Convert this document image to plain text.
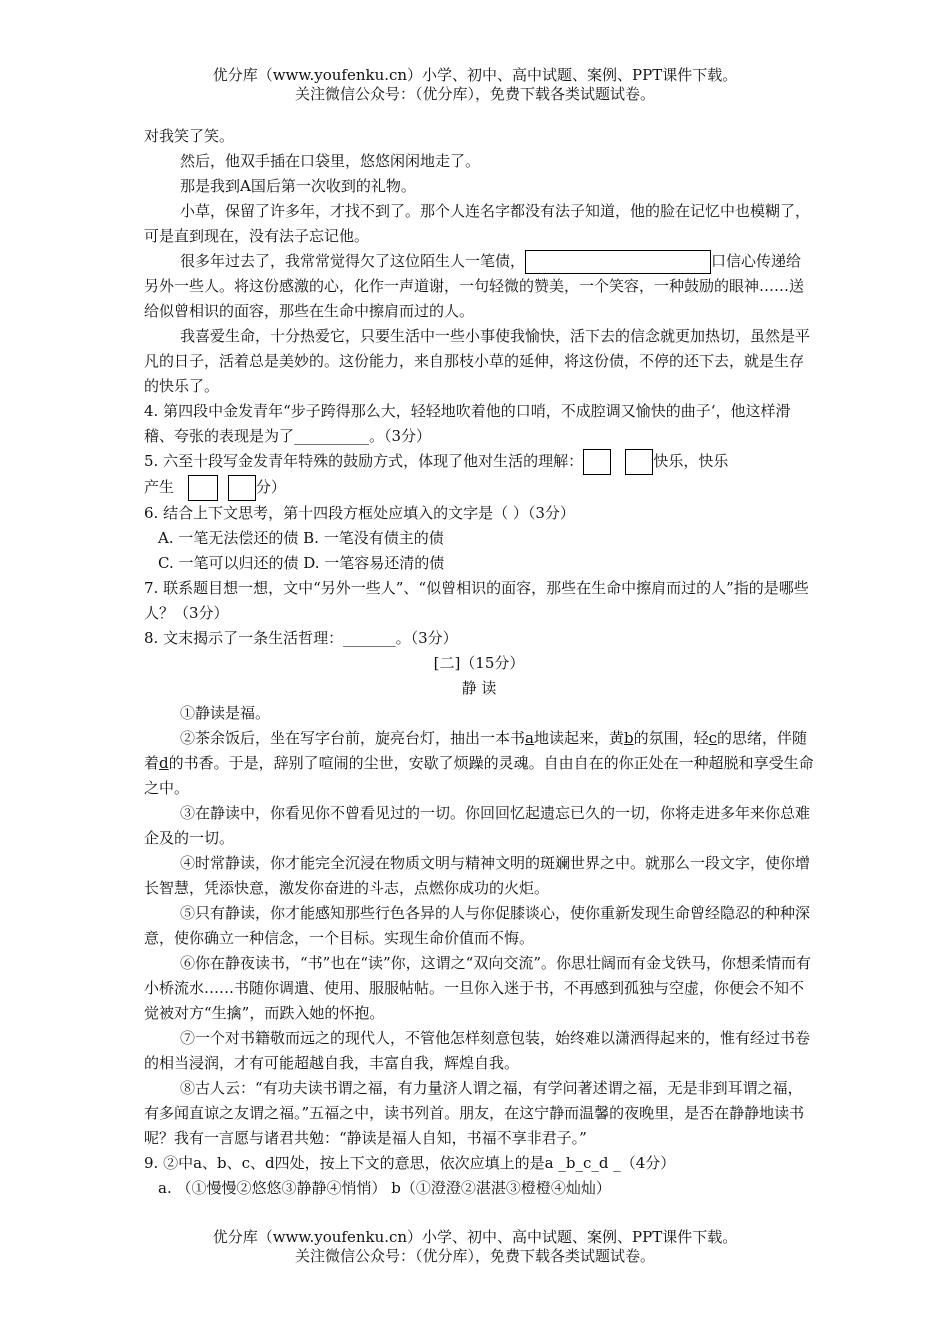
优分库（www.youfenku.cn）小学、初中、高中试题、案例、PPT课件下载。
关注微信公众号：（优分库），免费下载各类试题试卷。

对我笑了笑。

然后，他双手插在口袋里，悠悠闲闲地走了。

那是我到A国后第一次收到的礼物。

小草，保留了许多年，才找不到了。那个人连名字都没有法子知道，他的脸在记忆中也模糊了，可是直到现在，没有法子忘记他。

很多年过去了，我常常觉得欠了这位陌生人一笔债，	口信心传递给另外一些人。将这份感激的心，化作一声道谢，一句轻微的赞美，一个笑容，一种鼓励的眼神……送给似曾相识的面容，那些在生命中擦肩而过的人。

我喜爱生命，十分热爱它，只要生活中一些小事使我愉快，活下去的信念就更加热切，虽然是平凡的日子，活着总是美妙的。这份能力，来自那枝小草的延伸，将这份债，不停的还下去，就是生存的快乐了。

4. 第四段中金发青年“步子跨得那么大，轻轻地吹着他的口哨，不成腔调又愉快的曲子‘，他这样滑稽、夸张的表现是为了__________。（3分）

5. 六至十段写金发青年特殊的鼓励方式，体现了他对生活的理解：	快乐，快乐

产生	分）

6. 结合上下文思考，第十四段方框处应填入的文字是（ ）（3分）

A. 一笔无法偿还的债 B. 一笔没有债主的债

C. 一笔可以归还的债 D. 一笔容易还清的债

7. 联系题目想一想，文中“另外一些人”、“似曾相识的面容，那些在生命中擦肩而过的人”指的是哪些人？（3分）

8. 文末揭示了一条生活哲理：_______。（3分）

[二]（15分）

静 读

①静读是福。

②茶余饭后，坐在写字台前，旋亮台灯，抽出一本书a地读起来，黄b的氛围，轻c的思绪，伴随着d的书香。于是，辞别了喧闹的尘世，安歇了烦躁的灵魂。自由自在的你正处在一种超脱和享受生命之中。

③在静读中，你看见你不曾看见过的一切。你回回忆起遗忘已久的一切，你将走进多年来你总难企及的一切。

④时常静读，你才能完全沉浸在物质文明与精神文明的斑斓世界之中。就那么一段文字，使你增长智慧，凭添快意，激发你奋进的斗志，点燃你成功的火炬。

⑤只有静读，你才能感知那些行色各异的人与你促膝谈心，使你重新发现生命曾经隐忍的种种深意，使你确立一种信念，一个目标。实现生命价值而不悔。

⑥你在静夜读书，“书”也在“读”你，这谓之“双向交流”。你思壮阔而有金戈铁马，你想柔情而有小桥流水……书随你调遣、使用、服服帖帖。一旦你入迷于书，不再感到孤独与空虚，你便会不知不觉被对方“生擒”，而跌入她的怀抱。

⑦一个对书籍敬而远之的现代人，不管他怎样刻意包装，始终难以潇洒得起来的，惟有经过书卷的相当浸润，才有可能超越自我，丰富自我，辉煌自我。

⑧古人云：“有功夫读书谓之福，有力量济人谓之福，有学问著述谓之福，无是非到耳谓之福，有多闻直谅之友谓之福。”五福之中，读书列首。朋友，在这宁静而温馨的夜晚里，是否在静静地读书呢？我有一言愿与诸君共勉：“静读是福人自知，书福不享非君子。”

9. ②中a、b、c、d四处，按上下文的意思，依次应填上的是a _b_c_d _（4分）

a. （①慢慢②悠悠③静静④悄悄） b（①澄澄②湛湛③橙橙④灿灿）

优分库（www.youfenku.cn）小学、初中、高中试题、案例、PPT课件下载。
关注微信公众号：（优分库），免费下载各类试题试卷。
